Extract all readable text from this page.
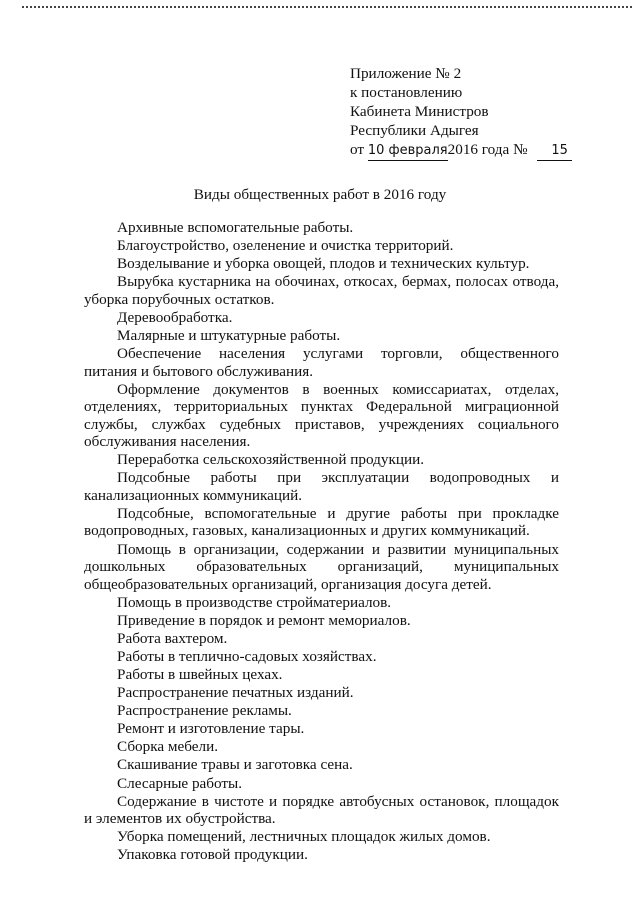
Приложение № 2
к постановлению
Кабинета Министров
Республики Адыгея
от 10 февраля2016 года № 15
Виды общественных работ в 2016 году
Архивные вспомогательные работы.
Благоустройство, озеленение и очистка территорий.
Возделывание и уборка овощей, плодов и технических культур.
Вырубка кустарника на обочинах, откосах, бермах, полосах отвода, уборка порубочных остатков.
Деревообработка.
Малярные и штукатурные работы.
Обеспечение населения услугами торговли, общественного питания и бытового обслуживания.
Оформление документов в военных комиссариатах, отделах, отделениях, территориальных пунктах Федеральной миграционной службы, службах судебных приставов, учреждениях социального обслуживания населения.
Переработка сельскохозяйственной продукции.
Подсобные работы при эксплуатации водопроводных и канализационных коммуникаций.
Подсобные, вспомогательные и другие работы при прокладке водопроводных, газовых, канализационных и других коммуникаций.
Помощь в организации, содержании и развитии муниципальных дошкольных образовательных организаций, муниципальных общеобразовательных организаций, организация досуга детей.
Помощь в производстве стройматериалов.
Приведение в порядок и ремонт мемориалов.
Работа вахтером.
Работы в теплично-садовых хозяйствах.
Работы в швейных цехах.
Распространение печатных изданий.
Распространение рекламы.
Ремонт и изготовление тары.
Сборка мебели.
Скашивание травы и заготовка сена.
Слесарные работы.
Содержание в чистоте и порядке автобусных остановок, площадок и элементов их обустройства.
Уборка помещений, лестничных площадок жилых домов.
Упаковка готовой продукции.
